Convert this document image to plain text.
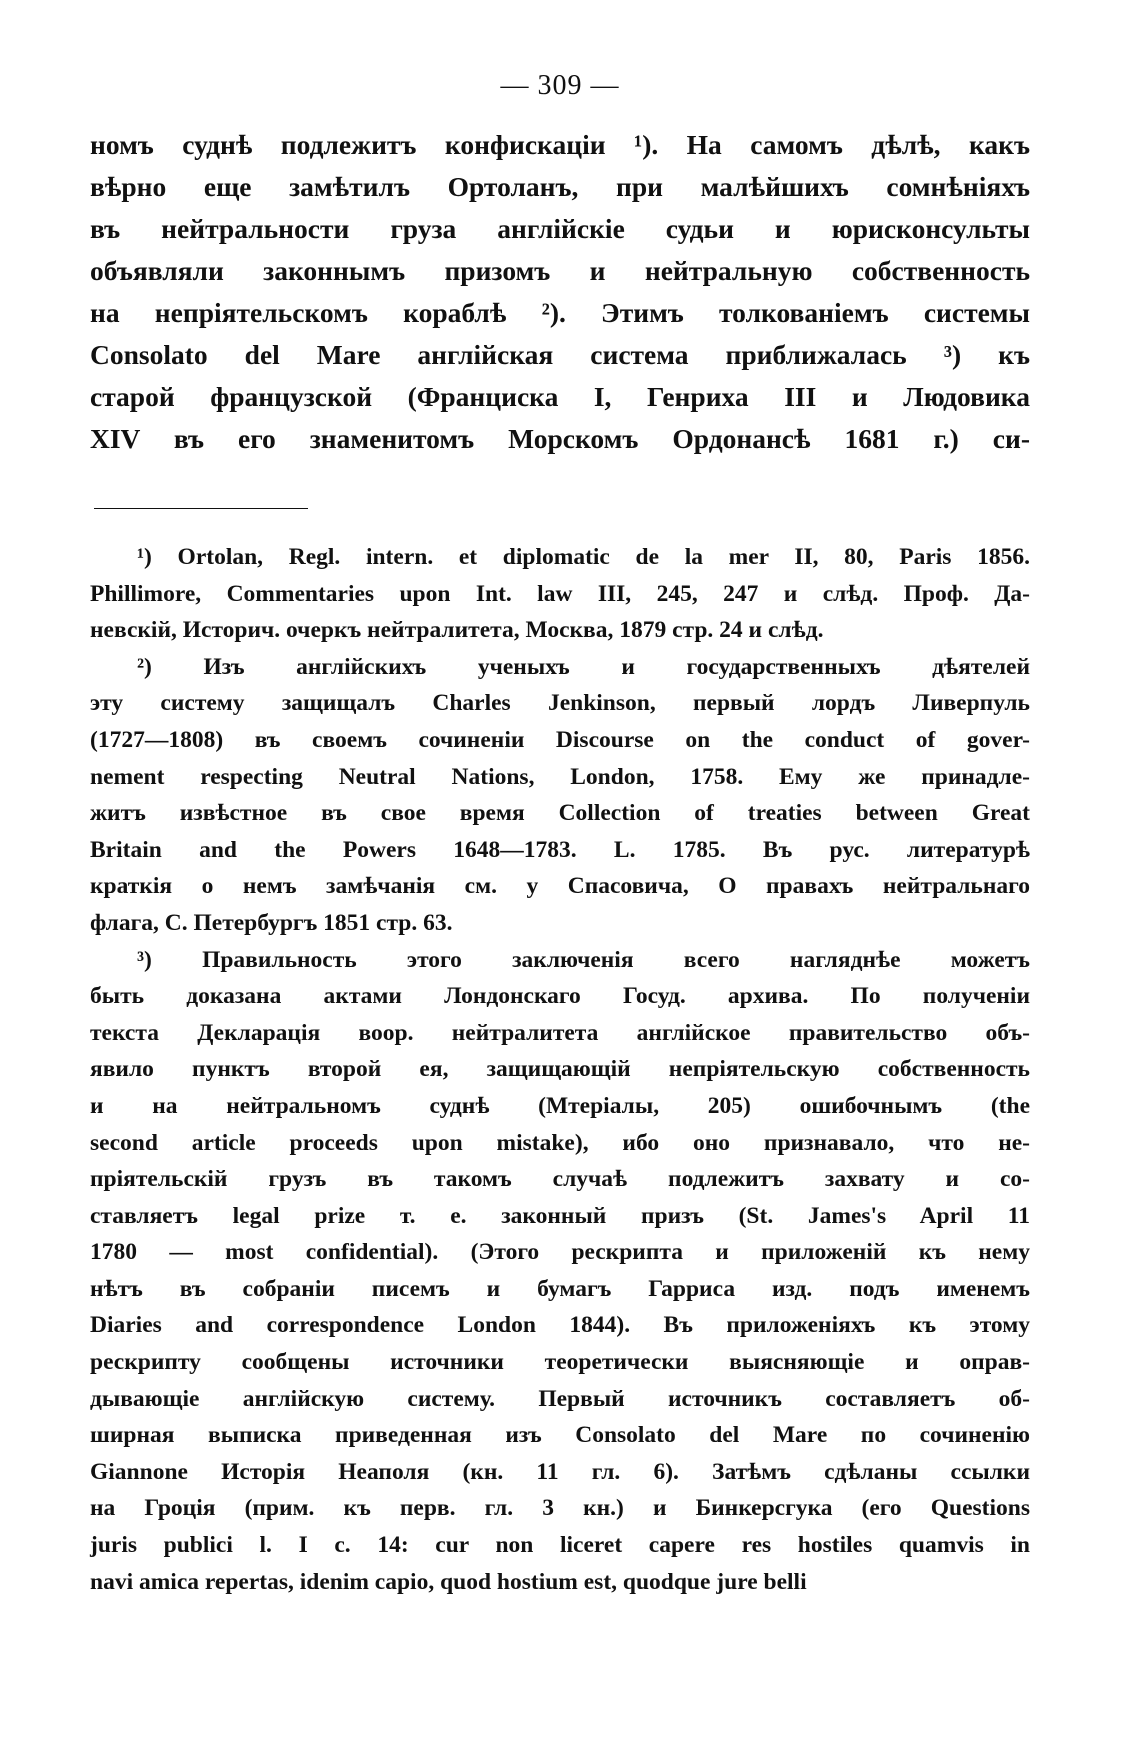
— 309 —
номъ суднѣ подлежитъ конфискаціи ¹). На самомъ дѣлѣ, какъ
вѣрно еще замѣтилъ Ортоланъ, при малѣйшихъ сомнѣніяхъ
въ нейтральности груза англійскіе судьи и юрисконсульты
объявляли законнымъ призомъ и нейтральную собственность
на непріятельскомъ кораблѣ ²). Этимъ толкованіемъ системы
Consolato del Mare англійская система приближалась ³) къ
старой французской (Франциска I, Генриха III и Людовика
XIV въ его знаменитомъ Морскомъ Ордонансѣ 1681 г.) си-
¹) Ortolan, Regl. intern. et diplomatic de la mer II, 80, Paris 1856.
Phillimore, Commentaries upon Int. law III, 245, 247 и слѣд. Проф. Да-
невскій, Историч. очеркъ нейтралитета, Москва, 1879 стр. 24 и слѣд.
²) Изъ англійскихъ ученыхъ и государственныхъ дѣятелей
эту систему защищалъ Charles Jenkinson, первый лордъ Ливерпуль
(1727—1808) въ своемъ сочиненіи Discourse on the conduct of gover-
nement respecting Neutral Nations, London, 1758. Ему же принадле-
житъ извѣстное въ свое время Collection of treaties between Great
Britain and the Powers 1648—1783. L. 1785. Въ рус. литературѣ
краткія о немъ замѣчанія см. у Спасовича, О правахъ нейтральнаго
флага, С. Петербургъ 1851 стр. 63.
³) Правильность этого заключенія всего нагляднѣе можетъ
быть доказана актами Лондонскаго Госуд. архива. По полученіи
текста Декларація воор. нейтралитета англійское правительство объ-
явило пунктъ второй ея, защищающій непріятельскую собственность
и на нейтральномъ суднѣ (Мтеріалы, 205) ошибочнымъ (the
second article proceeds upon mistake), ибо оно признавало, что не-
пріятельскій грузъ въ такомъ случаѣ подлежитъ захвату и со-
ставляетъ legal prize т. е. законный призъ (St. James's April 11
1780 — most confidential). (Этого рескрипта и приложеній къ нему
нѣтъ въ собраніи писемъ и бумагъ Гарриса изд. подъ именемъ
Diaries and correspondence London 1844). Въ приложеніяхъ къ этому
рескрипту сообщены источники теоретически выясняющіе и оправ-
дывающіе англійскую систему. Первый источникъ составляетъ об-
ширная выписка приведенная изъ Consolato del Mare по сочиненію
Giannone Исторія Неаполя (кн. 11 гл. 6). Затѣмъ сдѣланы ссылки
на Гроція (прим. къ перв. гл. 3 кн.) и Бинкерсгука (его Questions
juris publici l. I c. 14: cur non liceret capere res hostiles quamvis in
navi amica repertas, idenim capio, quod hostium est, quodque jure belli
